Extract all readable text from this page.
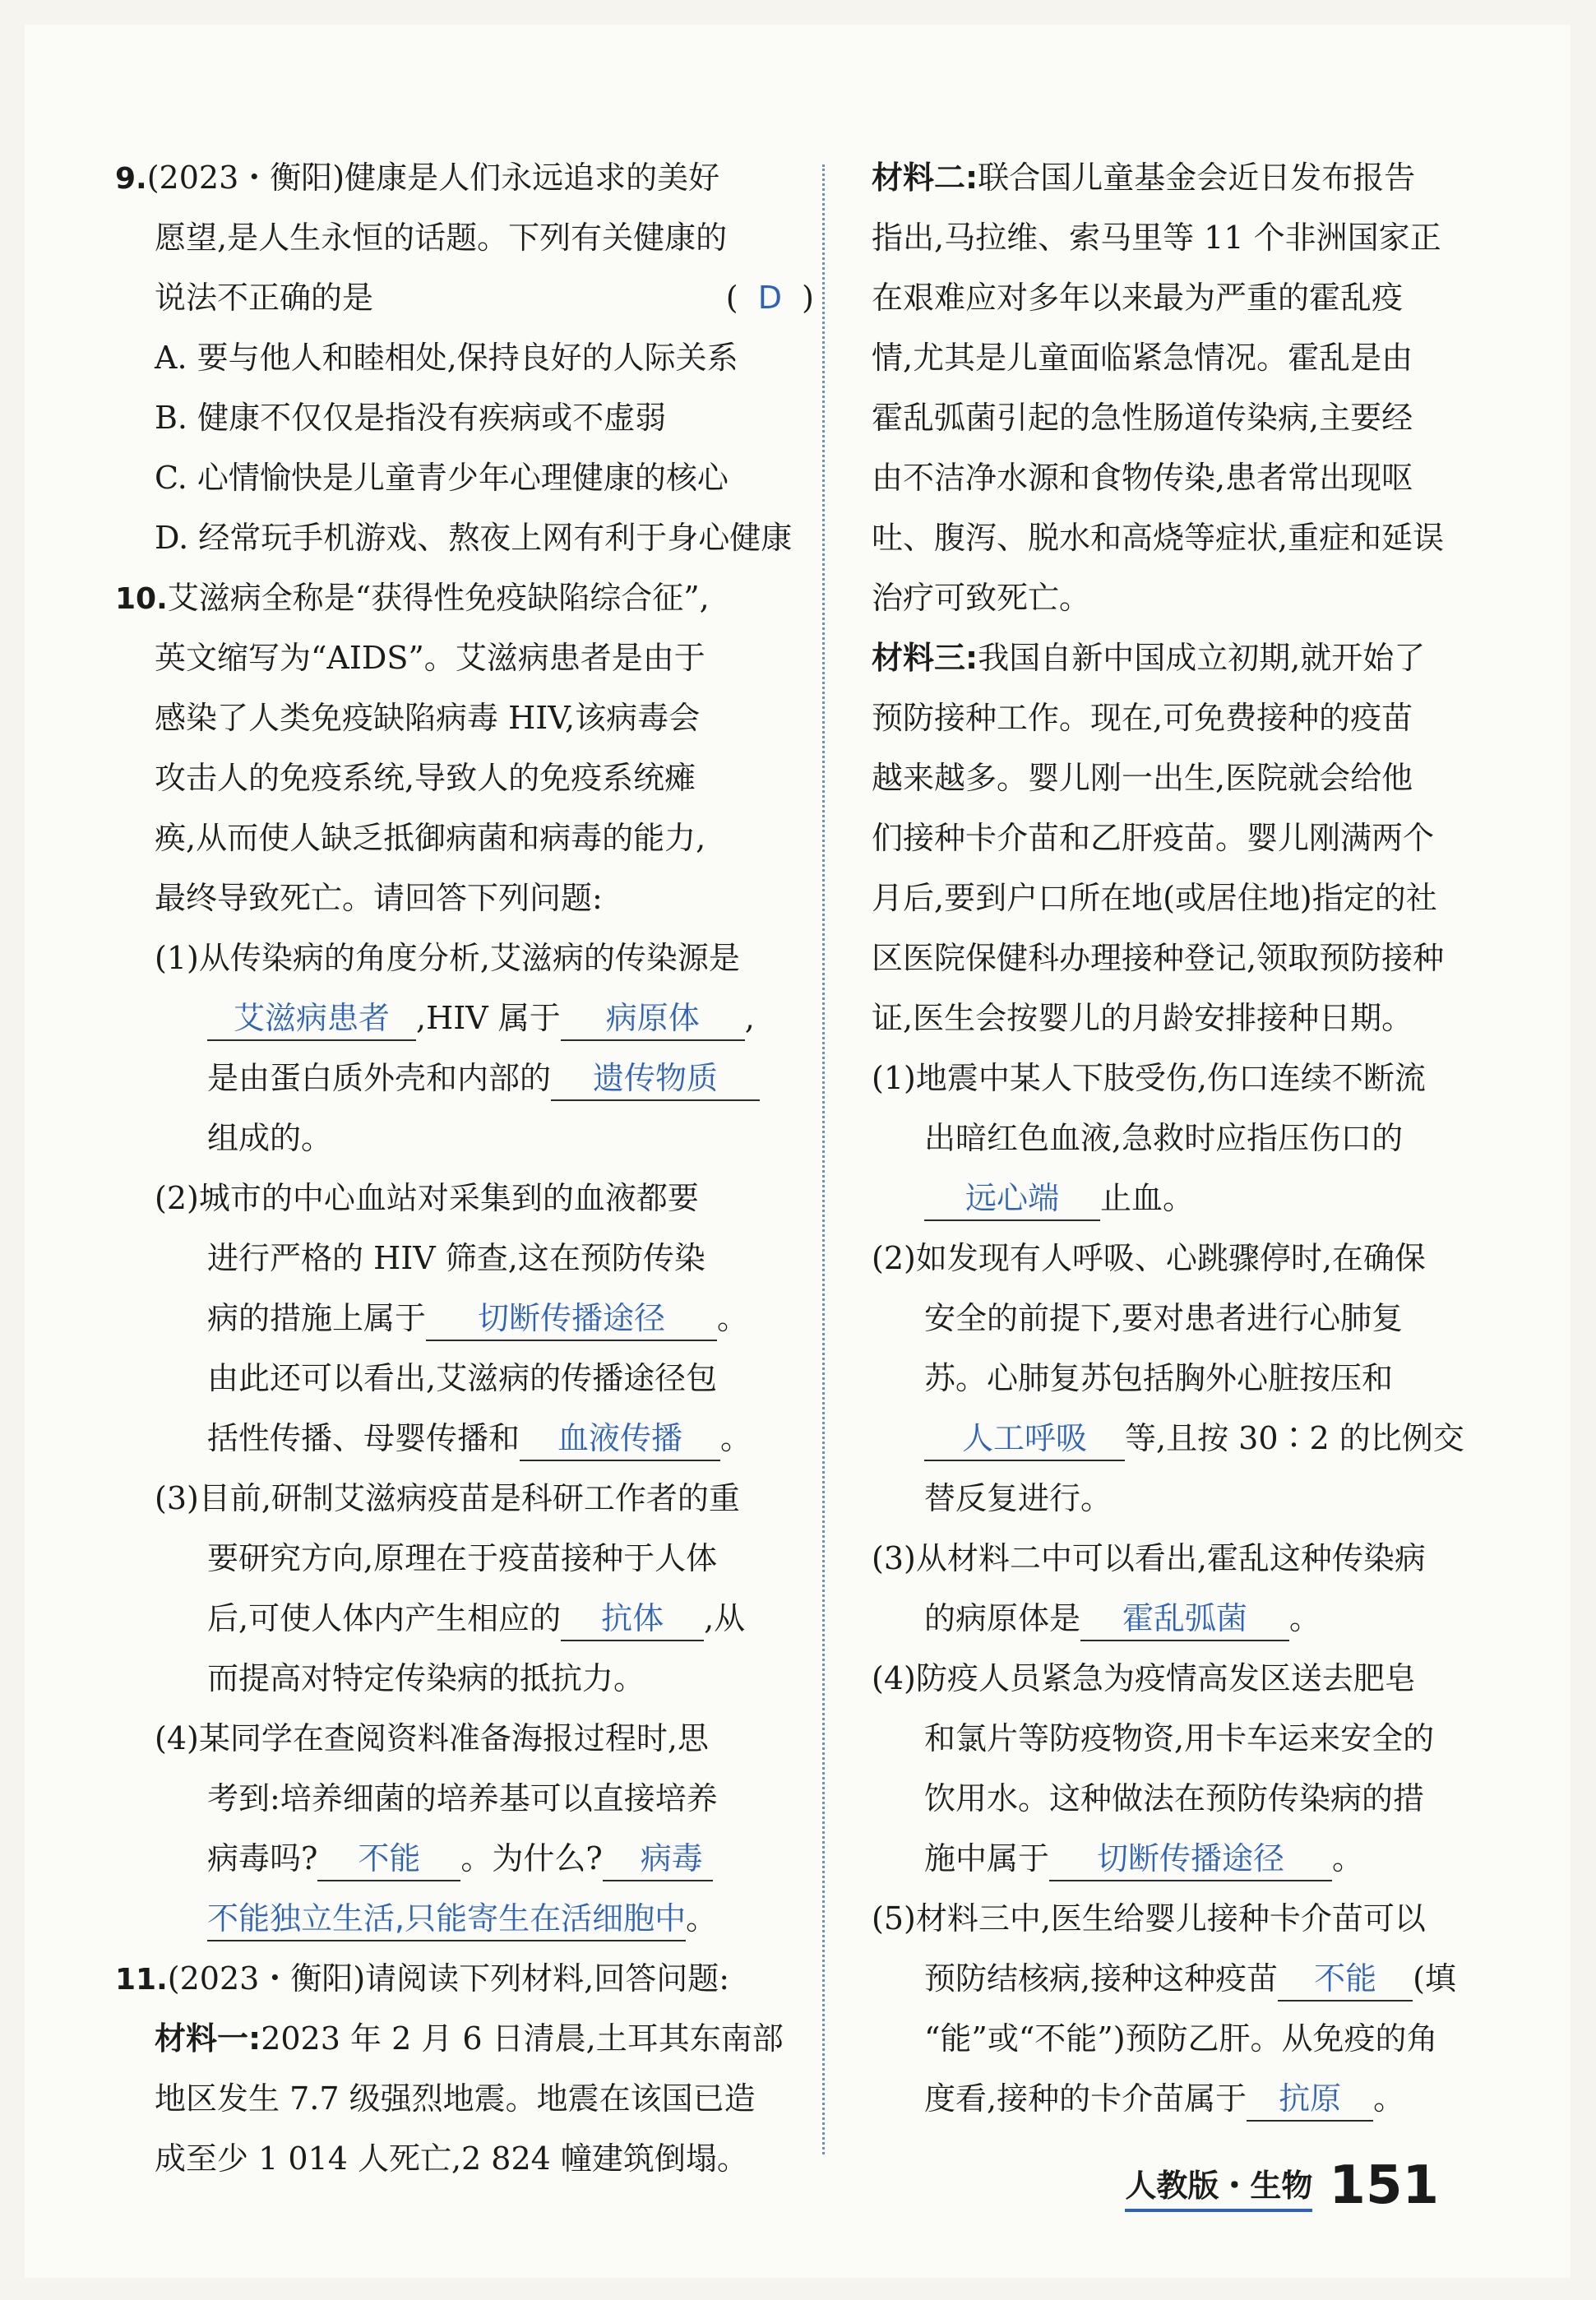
9.(2023・衡阳)健康是人们永远追求的美好
愿望,是人生永恒的话题。下列有关健康的
说法不正确的是	( D )
A. 要与他人和睦相处,保持良好的人际关系
B. 健康不仅仅是指没有疾病或不虚弱
C. 心情愉快是儿童青少年心理健康的核心
D. 经常玩手机游戏、熬夜上网有利于身心健康
10.艾滋病全称是“获得性免疫缺陷综合征”,
英文缩写为“AIDS”。艾滋病患者是由于
感染了人类免疫缺陷病毒 HIV,该病毒会
攻击人的免疫系统,导致人的免疫系统瘫
痪,从而使人缺乏抵御病菌和病毒的能力,
最终导致死亡。请回答下列问题:
(1)从传染病的角度分析,艾滋病的传染源是
艾滋病患者 ,HIV 属于 病原体 ,
是由蛋白质外壳和内部的 遗传物质
组成的。
(2)城市的中心血站对采集到的血液都要
进行严格的 HIV 筛查,这在预防传染
病的措施上属于 切断传播途径 。
由此还可以看出,艾滋病的传播途径包
括性传播、母婴传播和 血液传播 。
(3)目前,研制艾滋病疫苗是科研工作者的重
要研究方向,原理在于疫苗接种于人体
后,可使人体内产生相应的 抗体 ,从
而提高对特定传染病的抵抗力。
(4)某同学在查阅资料准备海报过程时,思
考到:培养细菌的培养基可以直接培养
病毒吗? 不能 。为什么? 病毒
不能独立生活,只能寄生在活细胞中。
11.(2023・衡阳)请阅读下列材料,回答问题:
材料一:2023 年 2 月 6 日清晨,土耳其东南部
地区发生 7.7 级强烈地震。地震在该国已造
成至少 1 014 人死亡,2 824 幢建筑倒塌。
材料二:联合国儿童基金会近日发布报告
指出,马拉维、索马里等 11 个非洲国家正
在艰难应对多年以来最为严重的霍乱疫
情,尤其是儿童面临紧急情况。霍乱是由
霍乱弧菌引起的急性肠道传染病,主要经
由不洁净水源和食物传染,患者常出现呕
吐、腹泻、脱水和高烧等症状,重症和延误
治疗可致死亡。
材料三:我国自新中国成立初期,就开始了
预防接种工作。现在,可免费接种的疫苗
越来越多。婴儿刚一出生,医院就会给他
们接种卡介苗和乙肝疫苗。婴儿刚满两个
月后,要到户口所在地(或居住地)指定的社
区医院保健科办理接种登记,领取预防接种
证,医生会按婴儿的月龄安排接种日期。
(1)地震中某人下肢受伤,伤口连续不断流
出暗红色血液,急救时应指压伤口的
远心端 止血。
(2)如发现有人呼吸、心跳骤停时,在确保
安全的前提下,要对患者进行心肺复
苏。心肺复苏包括胸外心脏按压和
人工呼吸 等,且按 30∶2 的比例交
替反复进行。
(3)从材料二中可以看出,霍乱这种传染病
的病原体是 霍乱弧菌 。
(4)防疫人员紧急为疫情高发区送去肥皂
和氯片等防疫物资,用卡车运来安全的
饮用水。这种做法在预防传染病的措
施中属于 切断传播途径 。
(5)材料三中,医生给婴儿接种卡介苗可以
预防结核病,接种这种疫苗 不能 (填
“能”或“不能”)预防乙肝。从免疫的角
度看,接种的卡介苗属于 抗原 。
人教版・生物 151
